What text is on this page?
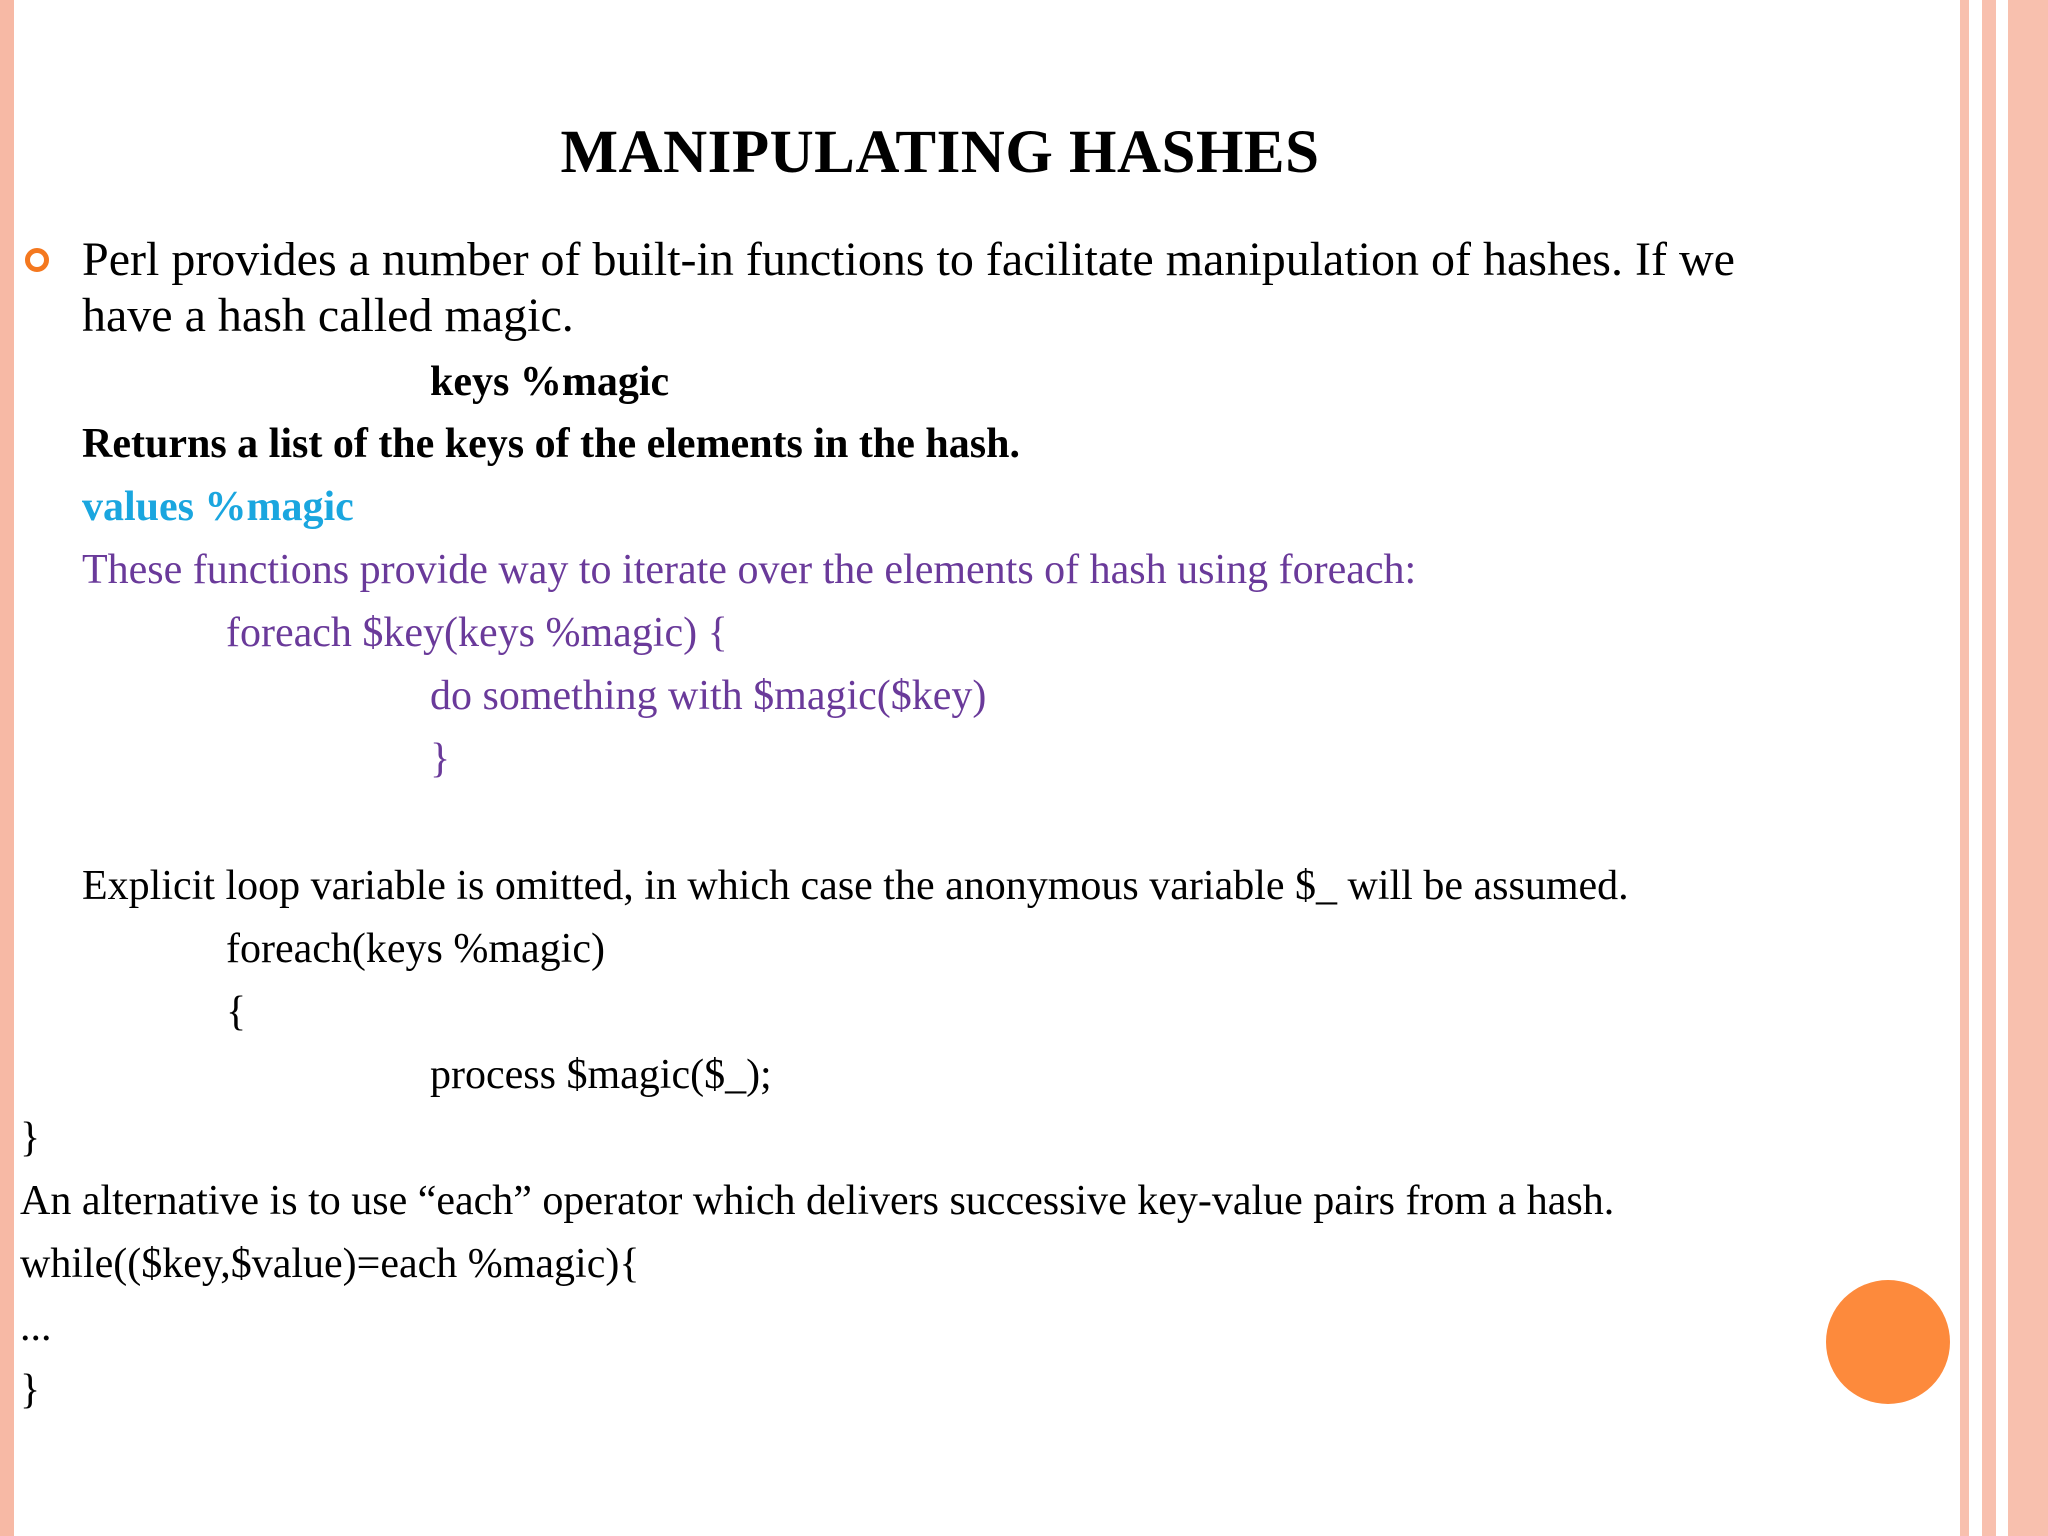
MANIPULATING HASHES
Perl provides a number of built-in functions to facilitate manipulation of hashes. If we
have a hash called magic.
keys %magic
Returns a list of the keys of the elements in the hash.
values %magic
These functions provide way to iterate over the elements of hash using foreach:
foreach $key(keys %magic) {
do something with $magic($key)
}
Explicit loop variable is omitted, in which case the anonymous variable $_ will be assumed.
foreach(keys %magic)
{
process $magic($_);
}
An alternative is to use “each” operator which delivers successive key-value pairs from a hash.
while(($key,$value)=each %magic){
...
}
